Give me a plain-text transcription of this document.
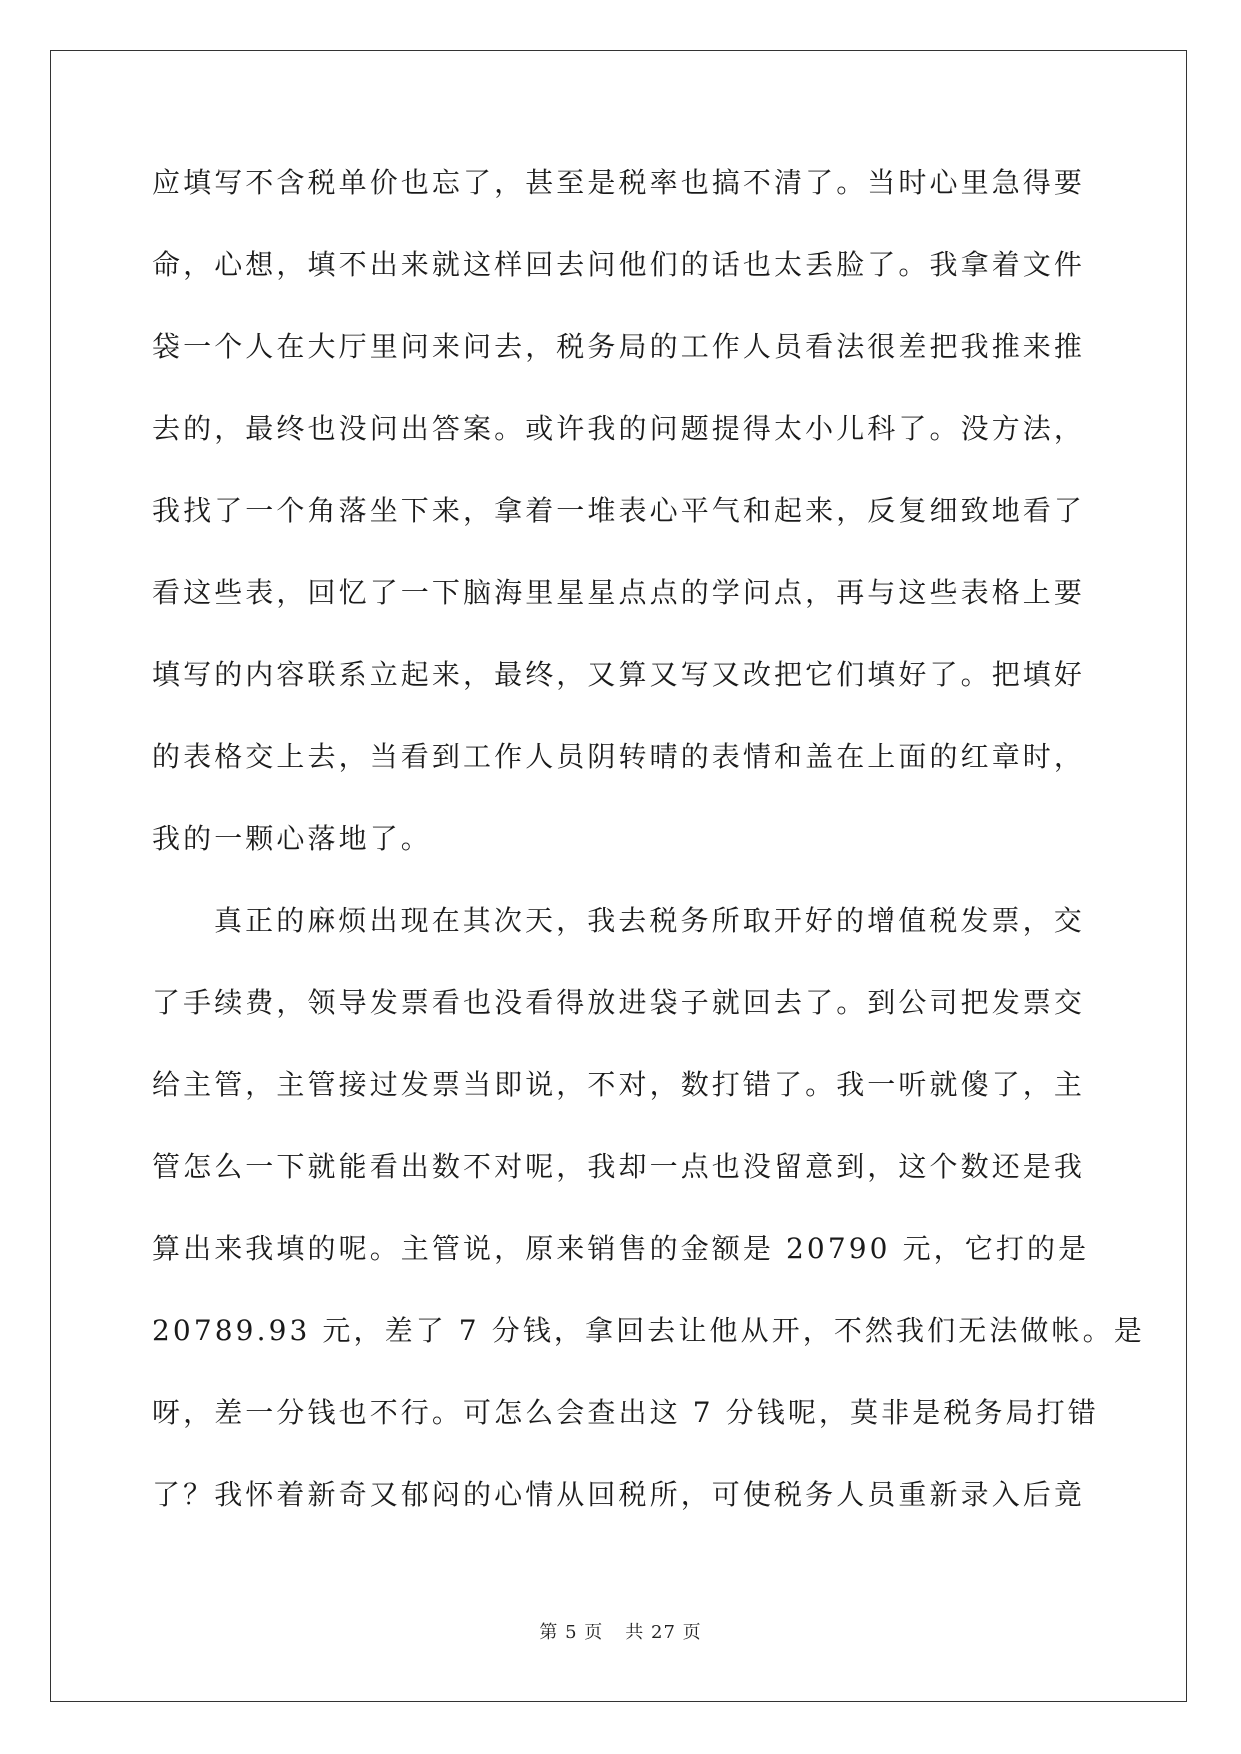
应填写不含税单价也忘了，甚至是税率也搞不清了。当时心里急得要
命，心想，填不出来就这样回去问他们的话也太丢脸了。我拿着文件
袋一个人在大厅里问来问去，税务局的工作人员看法很差把我推来推
去的，最终也没问出答案。或许我的问题提得太小儿科了。没方法，
我找了一个角落坐下来，拿着一堆表心平气和起来，反复细致地看了
看这些表，回忆了一下脑海里星星点点的学问点，再与这些表格上要
填写的内容联系立起来，最终，又算又写又改把它们填好了。把填好
的表格交上去，当看到工作人员阴转晴的表情和盖在上面的红章时，
我的一颗心落地了。
真正的麻烦出现在其次天，我去税务所取开好的增值税发票，交
了手续费，领导发票看也没看得放进袋子就回去了。到公司把发票交
给主管，主管接过发票当即说，不对，数打错了。我一听就傻了，主
管怎么一下就能看出数不对呢，我却一点也没留意到，这个数还是我
算出来我填的呢。主管说，原来销售的金额是 20790 元，它打的是
20789.93 元，差了 7 分钱，拿回去让他从开，不然我们无法做帐。是
呀，差一分钱也不行。可怎么会查出这 7 分钱呢，莫非是税务局打错
了？我怀着新奇又郁闷的心情从回税所，可使税务人员重新录入后竟
第 5 页 共 27 页
